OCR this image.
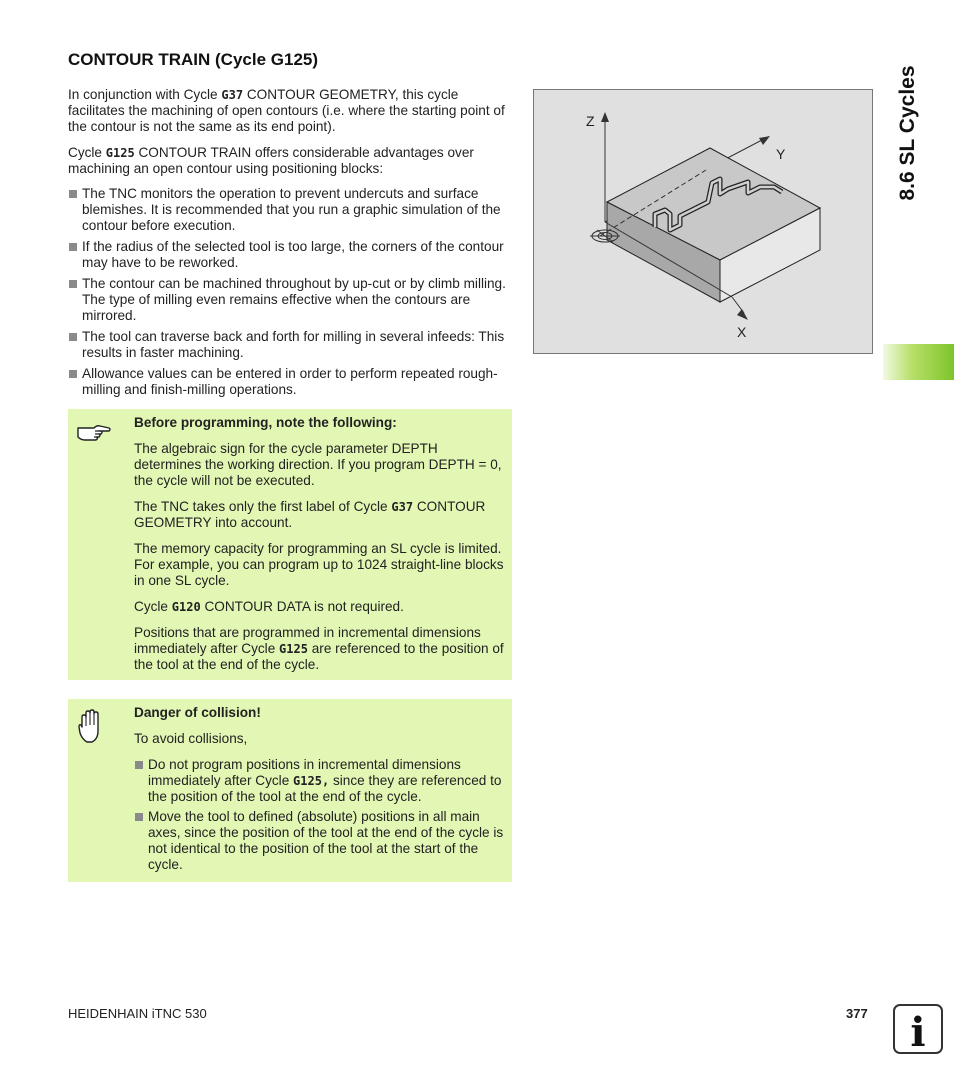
CONTOUR TRAIN (Cycle G125)

In conjunction with Cycle G37 CONTOUR GEOMETRY, this cycle facilitates the machining of open contours (i.e. where the starting point of the contour is not the same as its end point).

Cycle G125 CONTOUR TRAIN offers considerable advantages over machining an open contour using positioning blocks:

The TNC monitors the operation to prevent undercuts and surface blemishes. It is recommended that you run a graphic simulation of the contour before execution.
If the radius of the selected tool is too large, the corners of the contour may have to be reworked.
The contour can be machined throughout by up-cut or by climb milling. The type of milling even remains effective when the contours are mirrored.
The tool can traverse back and forth for milling in several infeeds: This results in faster machining.
Allowance values can be entered in order to perform repeated rough-milling and finish-milling operations.

Before programming, note the following:

The algebraic sign for the cycle parameter DEPTH determines the working direction. If you program DEPTH = 0, the cycle will not be executed.

The TNC takes only the first label of Cycle G37 CONTOUR GEOMETRY into account.

The memory capacity for programming an SL cycle is limited. For example, you can program up to 1024 straight-line blocks in one SL cycle.

Cycle G120 CONTOUR DATA is not required.

Positions that are programmed in incremental dimensions immediately after Cycle G125 are referenced to the position of the tool at the end of the cycle.

Danger of collision!

To avoid collisions,

Do not program positions in incremental dimensions immediately after Cycle G125, since they are referenced to the position of the tool at the end of the cycle.
Move the tool to defined (absolute) positions in all main axes, since the position of the tool at the end of the cycle is not identical to the position of the tool at the start of the cycle.
Z
Y
X
8.6 SL Cycles
HEIDENHAIN iTNC 530	377 i
